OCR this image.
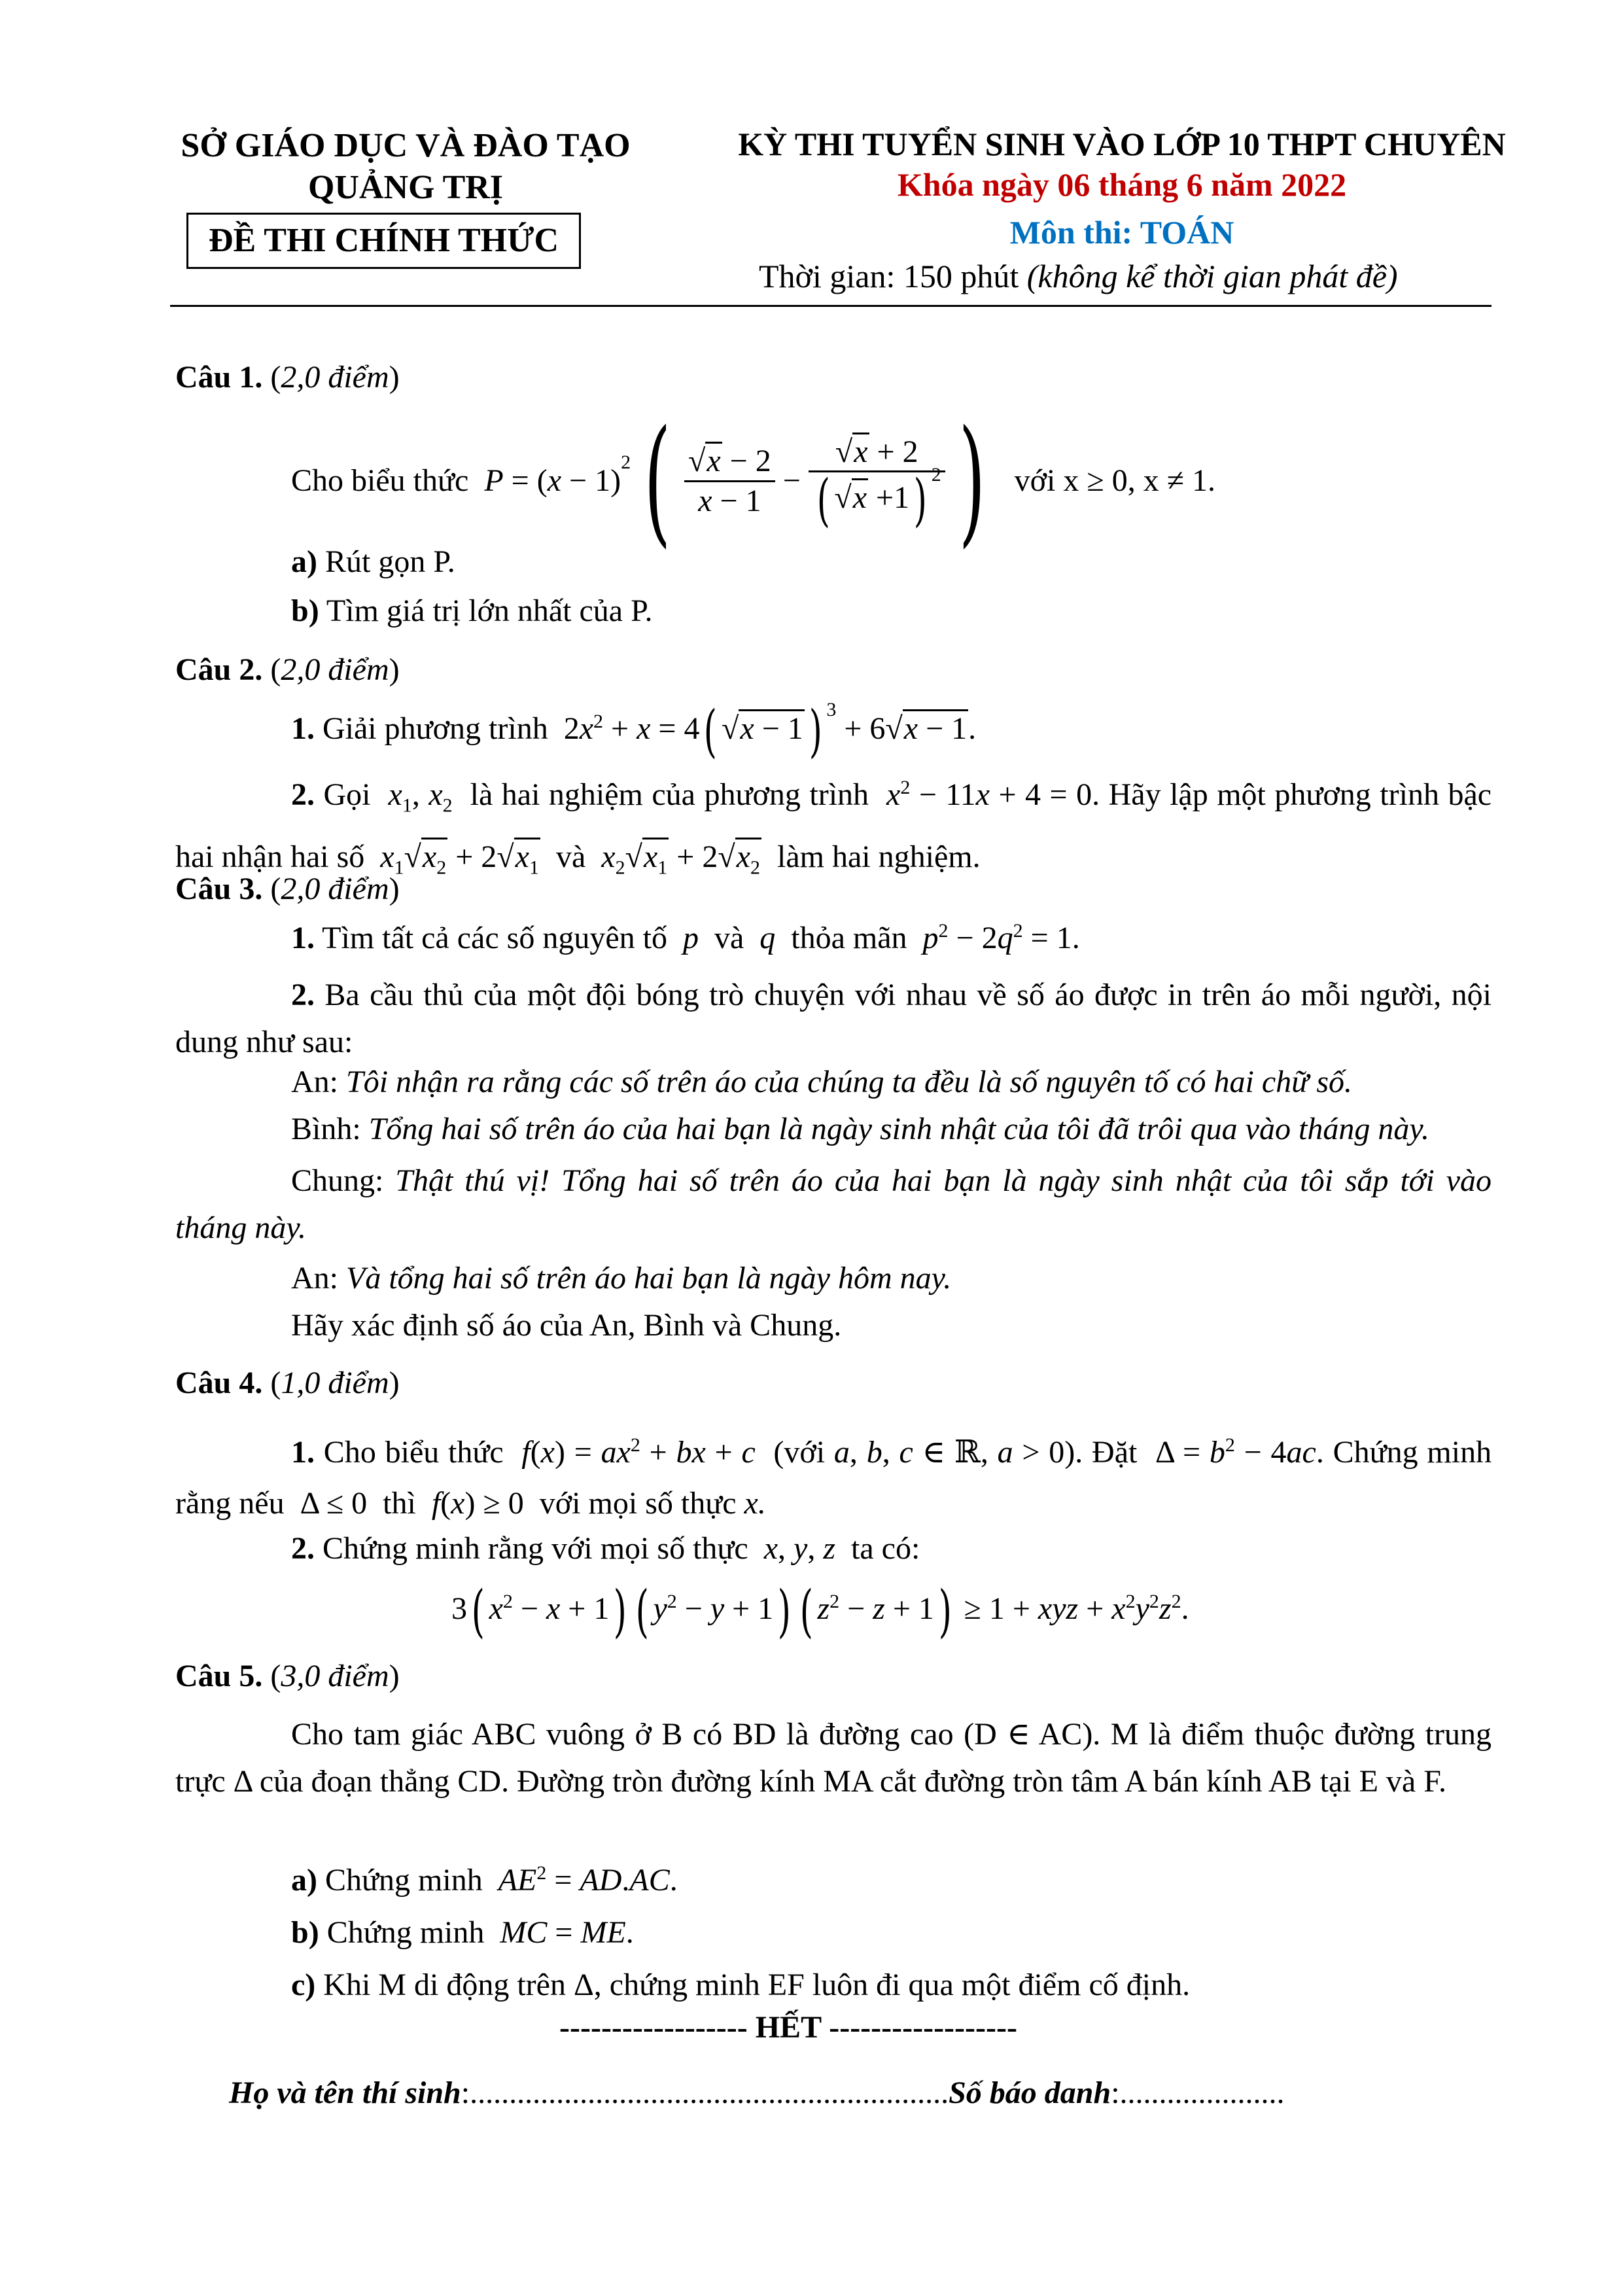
SỞ GIÁO DỤC VÀ ĐÀO TẠO
QUẢNG TRỊ
ĐỀ THI CHÍNH THỨC
KỲ THI TUYỂN SINH VÀO LỚP 10 THPT CHUYÊN
Khóa ngày 06 tháng 6 năm 2022
Môn thi: TOÁN
Thời gian: 150 phút (không kể thời gian phát đề)
Câu 1. (2,0 điểm)
Cho biểu thức
P = ( x − 1)
$^2$ ( $\frac{√x - 2}{x - 1} - \frac{√x + 2}{( √x +1) ^2}$ )
với x ≥ 0, x ≠ 1.
a) Rút gọn P.
b) Tìm giá trị lớn nhất của P.
Câu 2. (2,0 điểm)
1. Giải phương trình $2x^2 + x = 4$( √x − 1 ) $^3$ + 6√x − 1.
2. Gọi $x_1$, $x_2$ là hai nghiệm của phương trình $x^2 - 11x + 4 = 0$. Hãy lập một phương trình bậc hai nhận hai số $x_1√x_2 + 2√x_1$ và $x_2√x_1 + 2√x_2$ làm hai nghiệm.
Câu 3. (2,0 điểm)
1. Tìm tất cả các số nguyên tố p và q thỏa mãn $p^2 - 2q^2 = 1$.
2. Ba cầu thủ của một đội bóng trò chuyện với nhau về số áo được in trên áo mỗi người, nội dung như sau:
An: Tôi nhận ra rằng các số trên áo của chúng ta đều là số nguyên tố có hai chữ số.
Bình: Tổng hai số trên áo của hai bạn là ngày sinh nhật của tôi đã trôi qua vào tháng này.
Chung: Thật thú vị! Tổng hai số trên áo của hai bạn là ngày sinh nhật của tôi sắp tới vào tháng này.
An: Và tổng hai số trên áo hai bạn là ngày hôm nay.
Hãy xác định số áo của An, Bình và Chung.
Câu 4. (1,0 điểm)
1. Cho biểu thức $f(x) = ax^2$ + bx + c (với a, b, c ∈ ℝ, a > 0). Đặt $\Delta = b^2 - 4ac$. Chứng minh rằng nếu Δ ≤ 0 thì f(x) ≥ 0 với mọi số thực x.
2. Chứng minh rằng với mọi số thực x, y, z ta có:
3( $x^2 - x + 1$) ( $y^2 - y + 1$) ( $z^2 - z + 1) \ge 1$ + xyz + $x^2y^2z^2$.
Câu 5. (3,0 điểm)
Cho tam giác ABC vuông ở B có BD là đường cao (D ∈ AC). M là điểm thuộc đường trung trực Δ của đoạn thẳng CD. Đường tròn đường kính MA cắt đường tròn tâm A bán kính AB tại E và F.
a) Chứng minh $AE^2 = AD.AC$.
b) Chứng minh MC = ME.
c) Khi M di động trên Δ, chứng minh EF luôn đi qua một điểm cố định.
------------------ HẾT ------------------
Họ và tên thí sinh:.............................................................Số báo danh:.....................
